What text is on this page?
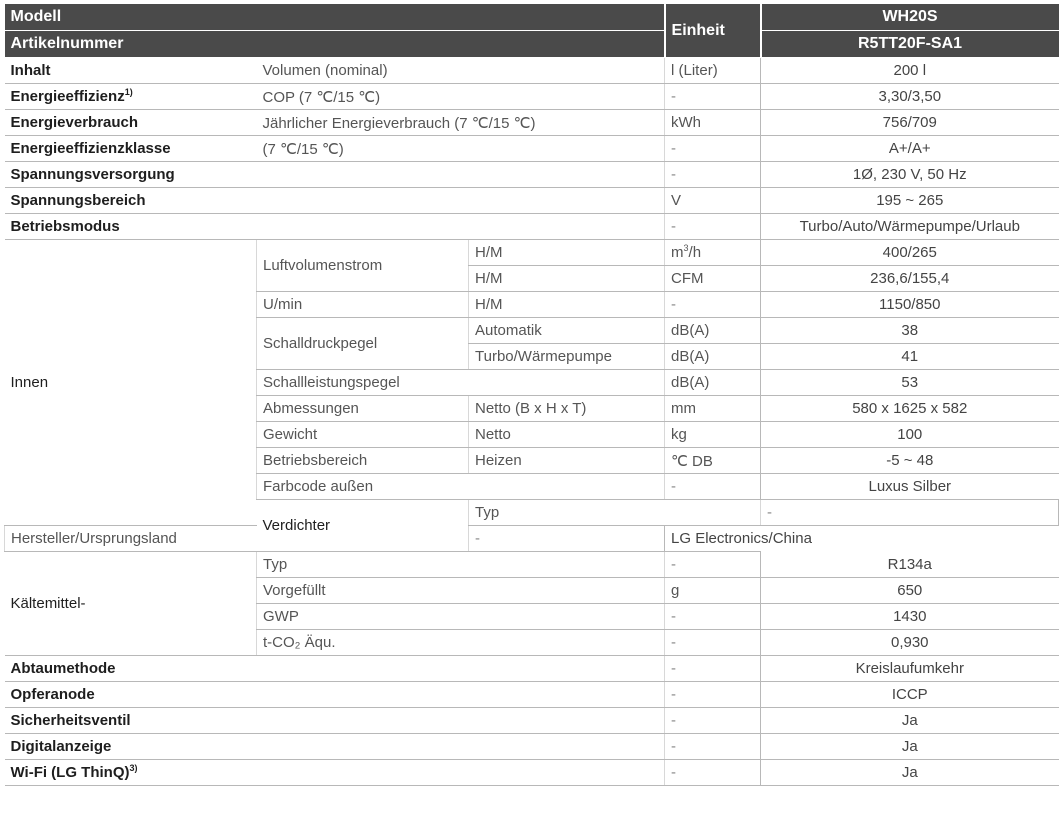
Modell			Einheit	WH20S	
Artikelnummer				R5TT20F-SA1	
Inhalt	Volumen (nominal)		l (Liter)	200 l	
Energieeffizienz$^{1)}$	COP (7 ℃/15 ℃)		-	3,30/3,50	
Energieverbrauch	Jährlicher Energieverbrauch (7 ℃/15 ℃)		kWh	756/709	
Energieeffizienzklasse	(7 ℃/15 ℃)		-	A+/A+	
Spannungsversorgung			-	1Ø, 230 V, 50 Hz	
Spannungsbereich			V	195 ~ 265	
Betriebsmodus			-	Turbo/Auto/Wärmepumpe/Urlaub	
Innen	Luftvolumenstrom	H/M	$m^3/h$	400/265	
		H/M	CFM	236,6/155,4	
	U/min	H/M	-	1150/850	
	Schalldruckpegel	Automatik	dB(A)	38	
		Turbo/Wärmepumpe	dB(A)	41	
	Schallleistungspegel		dB(A)	53	
	Abmessungen	Netto (B x H x T)	mm	580 x 1625 x 582	
	Gewicht	Netto	kg	100	
	Betriebsbereich	Heizen	℃ DB	-5 ~ 48	
	Farbcode außen		-	Luxus Silber	
	Verdichter	Typ		-	
Hersteller/Ursprungsland		-	LG Electronics/China		
Kältemittel-	Typ		-	R134a	
	Vorgefüllt		g	650	
	GWP		-	1430	
	t-CO₂ Äqu.		-	0,930	
Abtaumethode			-	Kreislaufumkehr	
Opferanode			-	ICCP	
Sicherheitsventil			-	Ja	
Digitalanzeige			-	Ja	
Wi-Fi (LG ThinQ)$^{3)}$			-	Ja	
